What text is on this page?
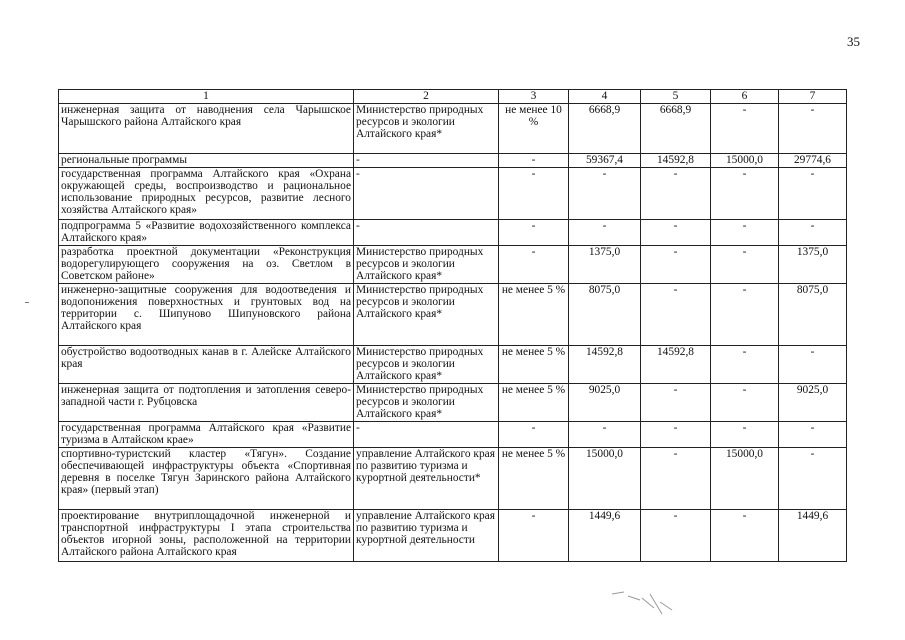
35
1	2	3	4	5	6	7
инженерная защита от наводнения села Чарышское Чарышского района Алтайского края	Министерство природных ресурсов и экологии Алтайского края*	не менее 10 %	6668,9	6668,9	-	-
региональные программы	-	-	59367,4	14592,8	15000,0	29774,6
государственная программа Алтайского края «Охрана окружающей среды, воспроизводство и рациональное использование природных ресурсов, развитие лесного хозяйства Алтайского края»	-	-	-	-	-	-
подпрограмма 5 «Развитие водохозяйственного комплекса Алтайского края»	-	-	-	-	-	-
разработка проектной документации «Реконструкция водорегулирующего сооружения на оз. Светлом в Советском районе»	Министерство природных ресурсов и экологии Алтайского края*	-	1375,0	-	-	1375,0
инженерно-защитные сооружения для водоотведения и водопонижения поверхностных и грунтовых вод на территории с. Шипуново Шипуновского района Алтайского края	Министерство природных ресурсов и экологии Алтайского края*	не менее 5 %	8075,0	-	-	8075,0
обустройство водоотводных канав в г. Алейске Алтайского края	Министерство природных ресурсов и экологии Алтайского края*	не менее 5 %	14592,8	14592,8	-	-
инженерная защита от подтопления и затопления северо-западной части г. Рубцовска	Министерство природных ресурсов и экологии Алтайского края*	не менее 5 %	9025,0	-	-	9025,0
государственная программа Алтайского края «Развитие туризма в Алтайском крае»	-	-	-	-	-	-
спортивно-туристский кластер «Тягун». Создание обеспечивающей инфраструктуры объекта «Спортивная деревня в поселке Тягун Заринского района Алтайского края» (первый этап)	управление Алтайского края по развитию туризма и курортной деятельности*	не менее 5 %	15000,0	-	15000,0	-
проектирование внутриплощадочной инженерной и транспортной инфраструктуры I этапа строительства объектов игорной зоны, расположенной на территории Алтайского района Алтайского края	управление Алтайского края по развитию туризма и курортной деятельности	-	1449,6	-	-	1449,6
